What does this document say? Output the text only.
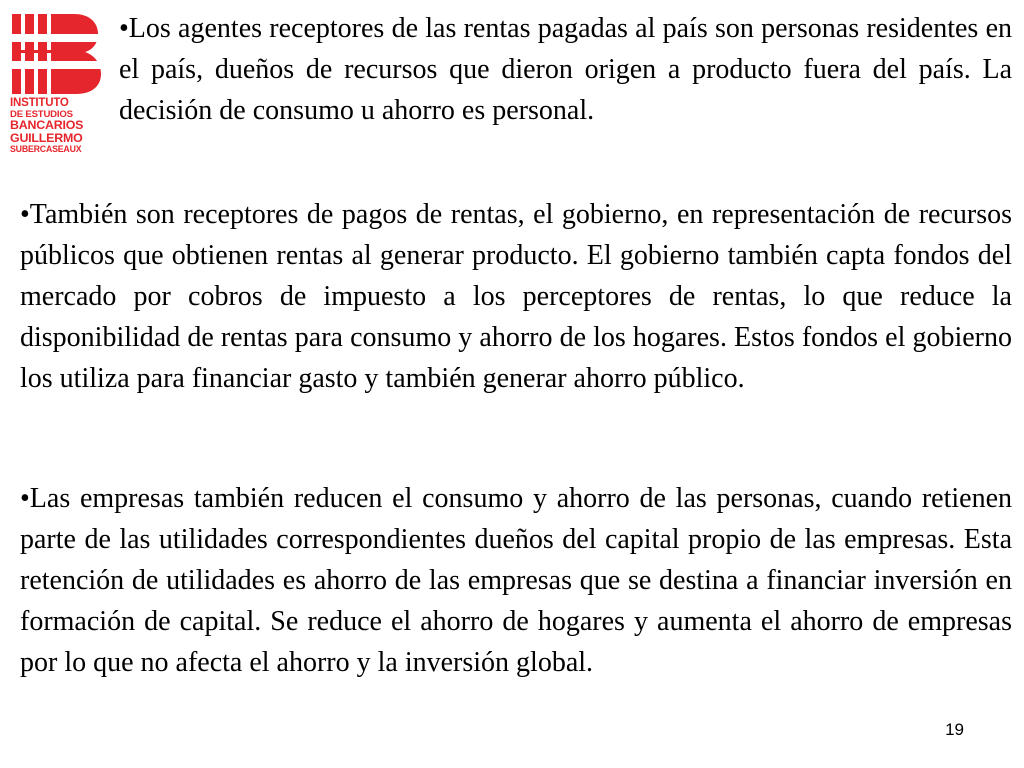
INSTITUTO
DE ESTUDIOS
BANCARIOS
GUILLERMO
SUBERCASEAUX

•Los agentes receptores de las rentas pagadas al país son personas residentes en el país, dueños de recursos que dieron origen a producto fuera del país. La decisión de consumo u ahorro es personal.

•También son receptores de pagos de rentas, el gobierno, en representación de recursos públicos que obtienen rentas al generar producto. El gobierno también capta fondos del mercado por cobros de impuesto a los perceptores de rentas, lo que reduce la disponibilidad de rentas para consumo y ahorro de los hogares. Estos fondos el gobierno los utiliza para financiar gasto y también generar ahorro público.

•Las empresas también reducen el consumo y ahorro de las personas, cuando retienen parte de las utilidades correspondientes dueños del capital propio de las empresas. Esta retención de utilidades es ahorro de las empresas que se destina a financiar inversión en formación de capital. Se reduce el ahorro de hogares y aumenta el ahorro de empresas por lo que no afecta el ahorro y la inversión global.

19
